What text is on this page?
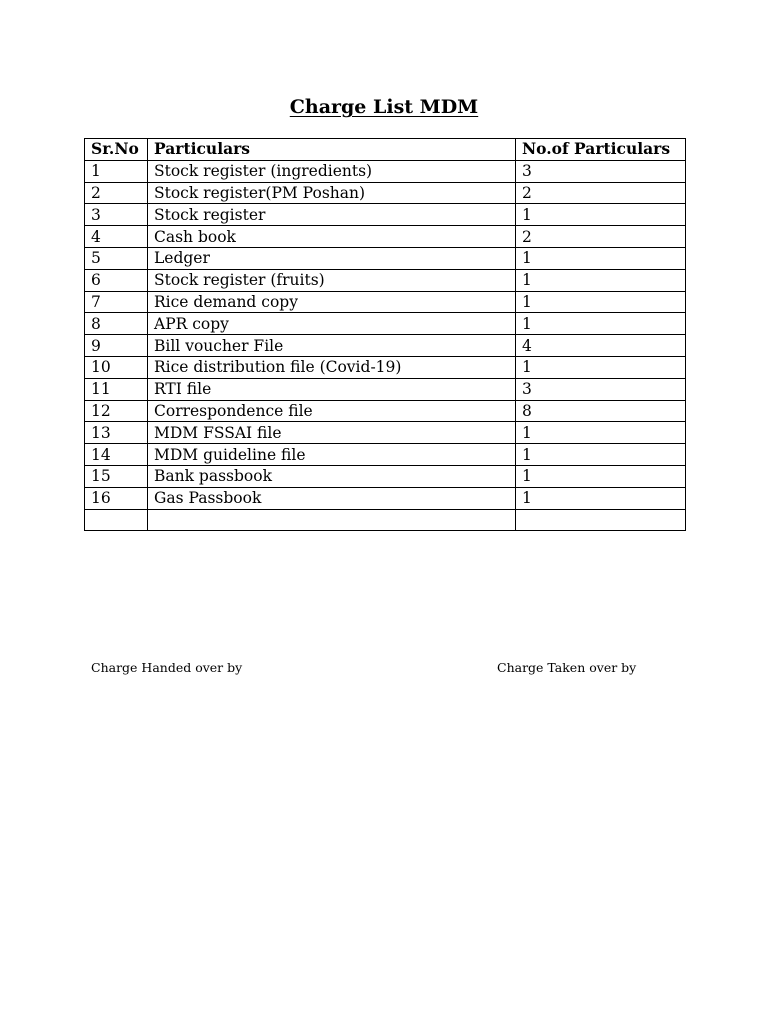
Charge List MDM
Sr.No	Particulars	No.of Particulars
1	Stock register (ingredients)	3
2	Stock register(PM Poshan)	2
3	Stock register	1
4	Cash book	2
5	Ledger	1
6	Stock register (fruits)	1
7	Rice demand copy	1
8	APR copy	1
9	Bill voucher File	4
10	Rice distribution file (Covid-19)	1
11	RTI file	3
12	Correspondence file	8
13	MDM FSSAI file	1
14	MDM guideline file	1
15	Bank passbook	1
16	Gas Passbook	1

Charge Handed over by	Charge Taken over by
